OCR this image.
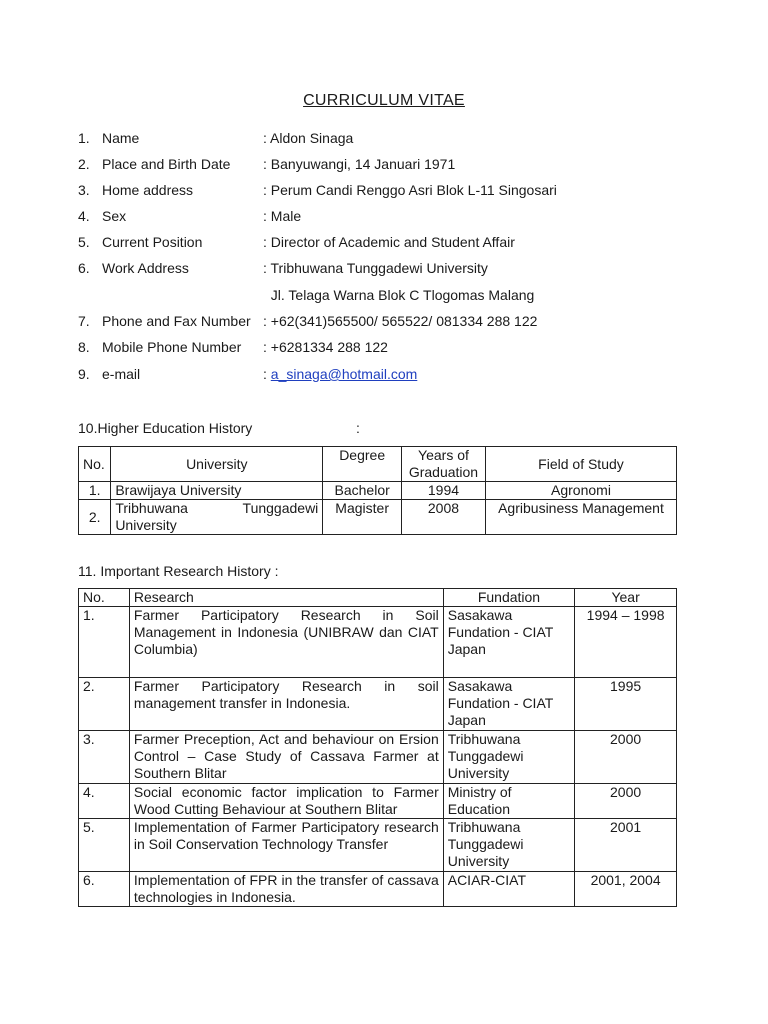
CURRICULUM VITAE
1. Name	: Aldon Sinaga
2. Place and Birth Date : Banyuwangi, 14 Januari 1971
3. Home address	: Perum Candi Renggo Asri Blok L-11 Singosari
4. Sex	: Male
5. Current Position	: Director of Academic and Student Affair
6. Work Address	: Tribhuwana Tunggadewi University
Jl. Telaga Warna Blok C Tlogomas Malang
7. Phone and Fax Number : +62(341)565500/ 565522/ 081334 288 122
8. Mobile Phone Number : +6281334 288 122
9. e-mail	: a_sinaga@hotmail.com
10.Higher Education History	:
No.	University	Degree	Years of Graduation	Field of Study
1.	Brawijaya University	Bachelor	1994	Agronomi
2.	Tribhuwana Tunggadewi
University	Magister	2008	Agribusiness Management
11. Important Research History :
No.	Research	Fundation	Year
1.	Farmer Participatory Research in Soil Management in Indonesia (UNIBRAW dan CIAT Columbia)	Sasakawa Fundation - CIAT Japan	1994 – 1998
2.	Farmer Participatory Research in soil management transfer in Indonesia.	Sasakawa Fundation - CIAT Japan	1995
3.	Farmer Preception, Act and behaviour on Ersion Control – Case Study of Cassava Farmer at Southern Blitar	Tribhuwana Tunggadewi University	2000
4.	Social economic factor implication to Farmer Wood Cutting Behaviour at Southern Blitar	Ministry of Education	2000
5.	Implementation of Farmer Participatory research in Soil Conservation Technology Transfer	Tribhuwana Tunggadewi University	2001
6.	Implementation of FPR in the transfer of cassava technologies in Indonesia.	ACIAR-CIAT	2001, 2004
